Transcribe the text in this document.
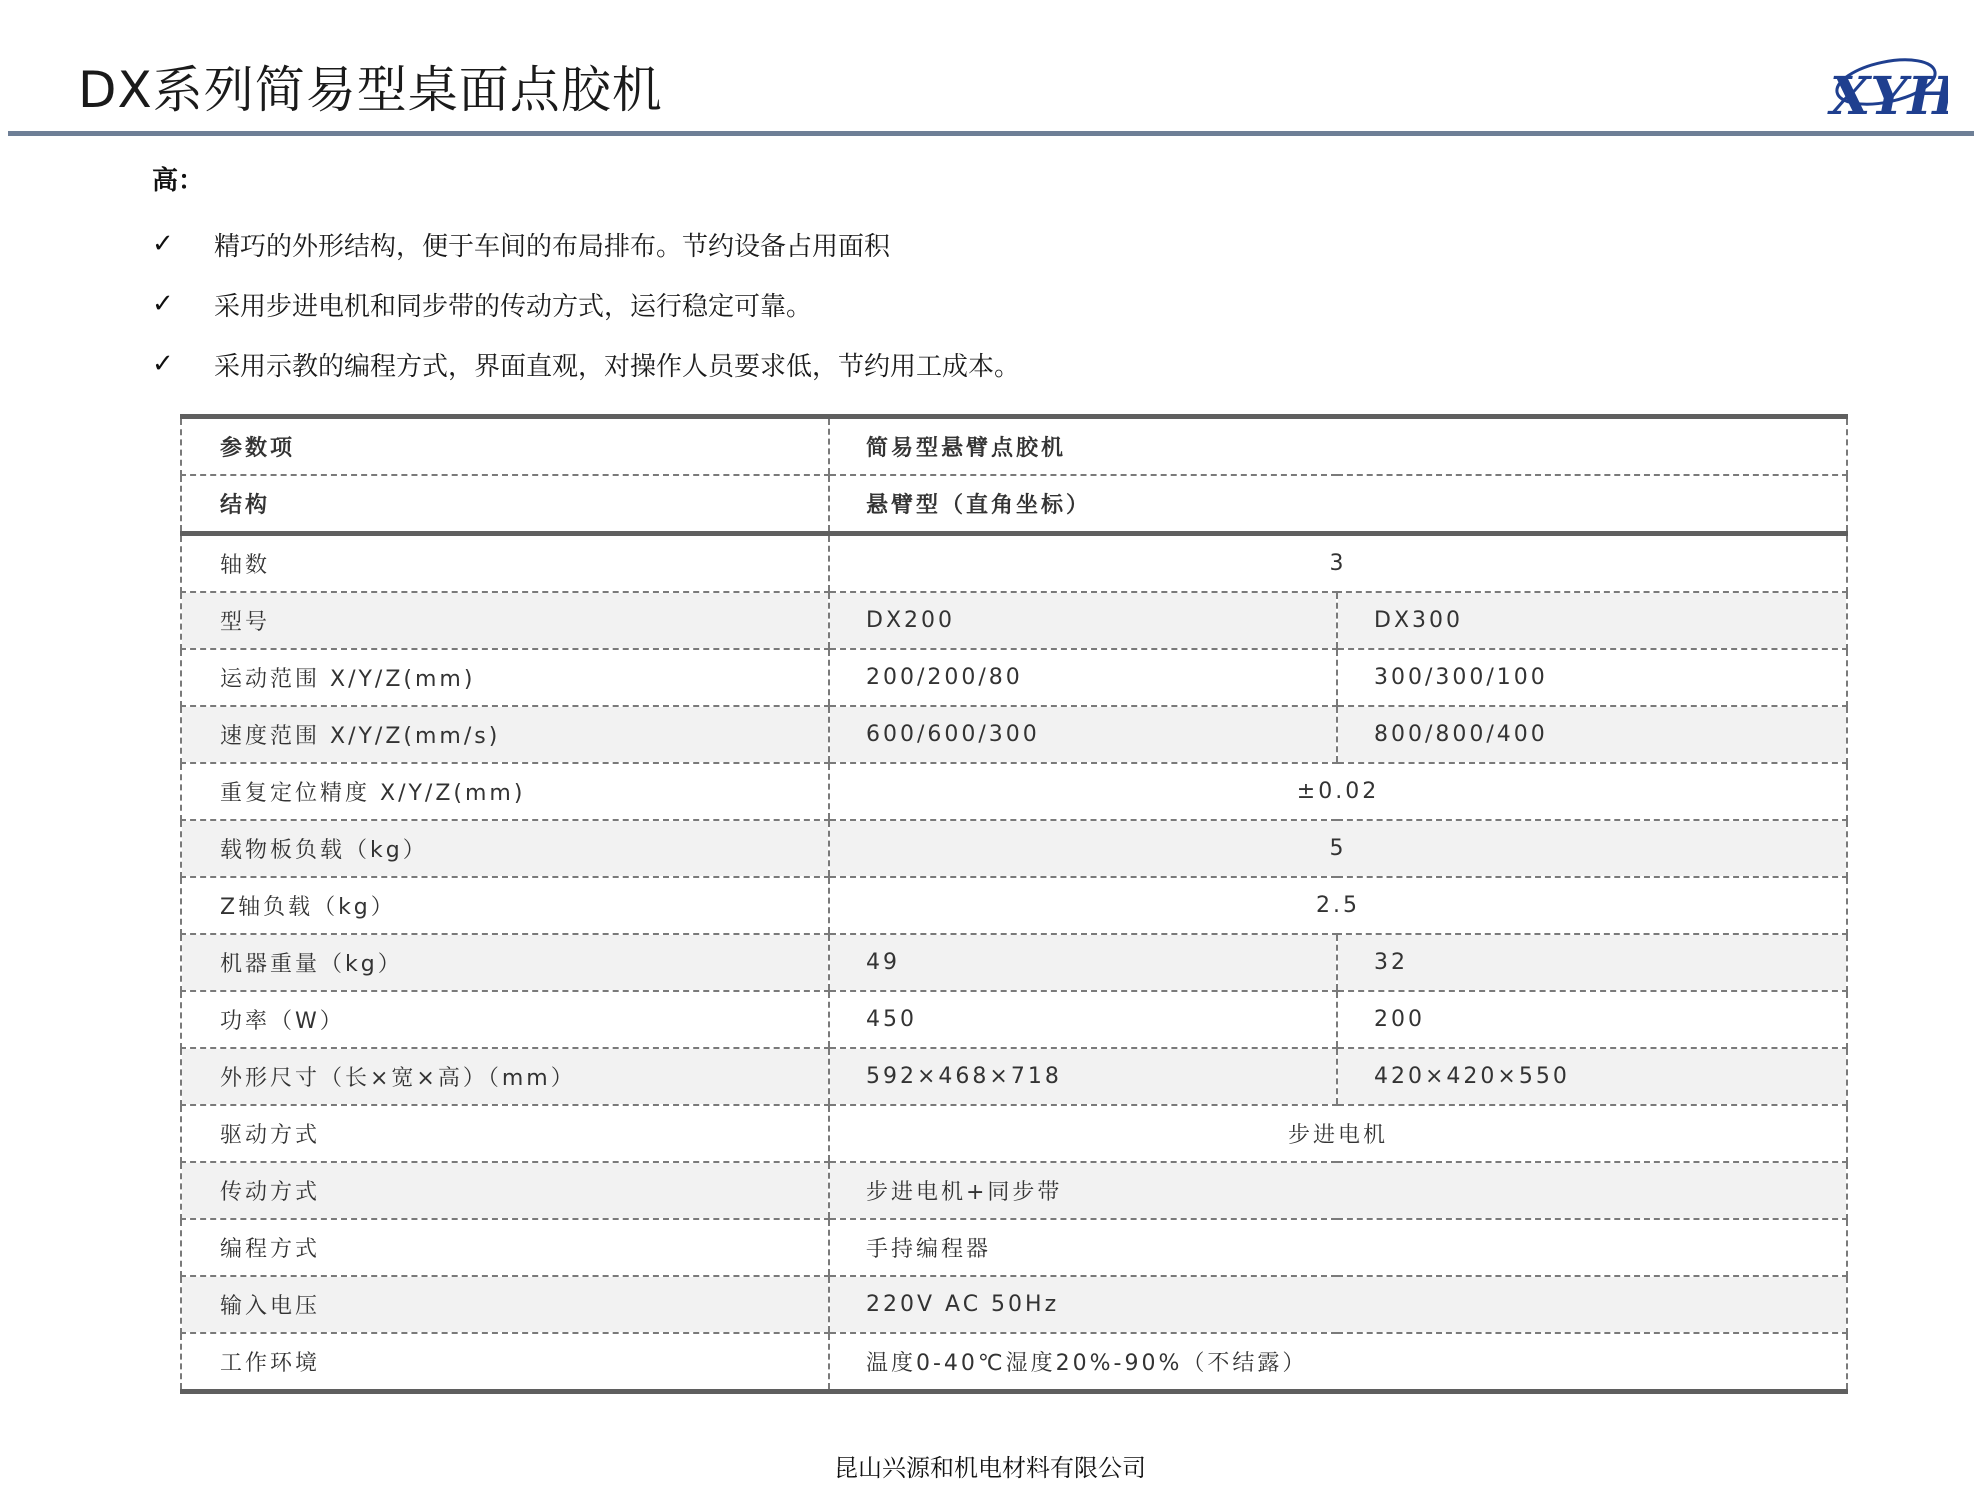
DX系列简易型桌面点胶机	XYH
高：
✓	精巧的外形结构，便于车间的布局排布。节约设备占用面积
✓	采用步进电机和同步带的传动方式，运行稳定可靠。
✓	采用示教的编程方式，界面直观，对操作人员要求低，节约用工成本。
参数项	简易型悬臂点胶机	
结构	悬臂型（直角坐标）	
轴数	3	
型号	DX200	DX300
运动范围 X/Y/Z(mm)	200/200/80	300/300/100
速度范围 X/Y/Z(mm/s)	600/600/300	800/800/400
重复定位精度 X/Y/Z(mm)	±0.02	
载物板负载（kg）	5	
Z轴负载（kg）	2.5	
机器重量（kg）	49	32
功率（W）	450	200
外形尺寸（长×宽×高）（mm）	592×468×718	420×420×550
驱动方式	步进电机	
传动方式	步进电机+同步带	
编程方式	手持编程器	
输入电压	220V AC 50Hz	
工作环境	温度0-40℃湿度20%-90%（不结露）	
昆山兴源和机电材料有限公司
